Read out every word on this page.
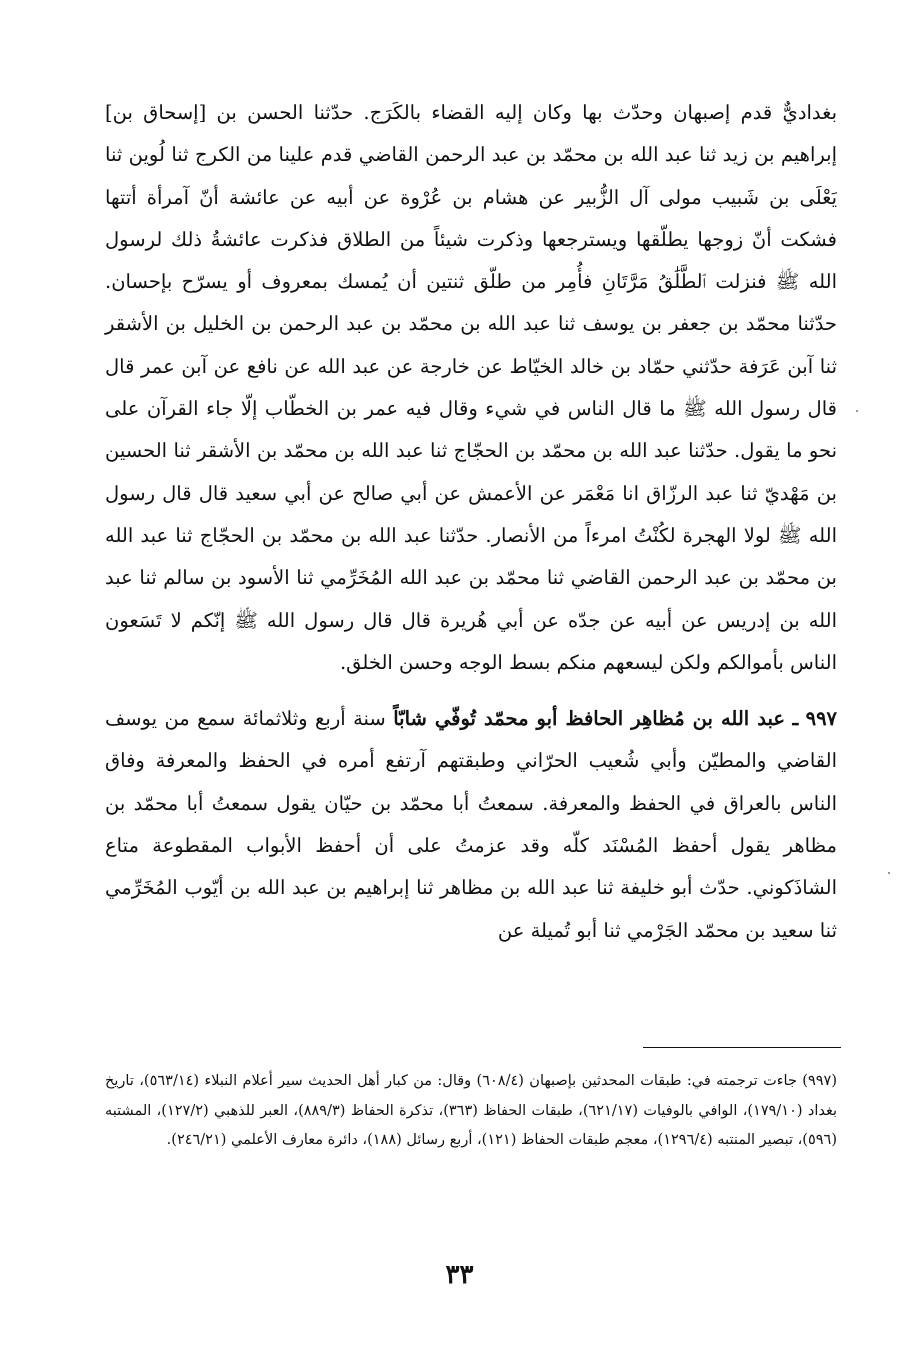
بغداديٌّ قدم إصبهان وحدّث بها وكان إليه القضاء بالكَرَج. حدّثنا الحسن بن [إسحاق بن] إبراهيم بن زيد ثنا عبد الله بن محمّد بن عبد الرحمن القاضي قدم علينا من الكرج ثنا لُوين ثنا يَعْلَى بن شَبيب مولى آل الزُّبير عن هشام بن عُرْوة عن أبيه عن عائشة أنّ آمرأة أتتها فشكت أنّ زوجها يطلّقها ويسترجعها وذكرت شيئاً من الطلاق فذكرت عائشةُ ذلك لرسول الله ﷺ فنزلت ٱلطَّلَٰقُ مَرَّتَانِ فأُمِر من طلّق ثنتين أن يُمسك بمعروف أو يسرّح بإحسان. حدّثنا محمّد بن جعفر بن يوسف ثنا عبد الله بن محمّد بن عبد الرحمن بن الخليل بن الأشقر ثنا آبن عَرَفة حدّثني حمّاد بن خالد الخيّاط عن خارجة عن عبد الله عن نافع عن آبن عمر قال قال رسول الله ﷺ ما قال الناس في شيء وقال فيه عمر بن الخطّاب إلّا جاء القرآن على نحو ما يقول. حدّثنا عبد الله بن محمّد بن الحجّاج ثنا عبد الله بن محمّد بن الأشقر ثنا الحسين بن مَهْديّ ثنا عبد الرزّاق انا مَعْمَر عن الأعمش عن أبي صالح عن أبي سعيد قال قال رسول الله ﷺ لولا الهجرة لكُنْتُ امرءاً من الأنصار. حدّثنا عبد الله بن محمّد بن الحجّاج ثنا عبد الله بن محمّد بن عبد الرحمن القاضي ثنا محمّد بن عبد الله المُخَرِّمي ثنا الأسود بن سالم ثنا عبد الله بن إدريس عن أبيه عن جدّه عن أبي هُريرة قال قال رسول الله ﷺ إنّكم لا تَسَعون الناس بأموالكم ولكن ليسعهم منكم بسط الوجه وحسن الخلق.

٩٩٧ ـ عبد الله بن مُظاهِر الحافظ أبو محمّد تُوفّي شابّاً سنة أربع وثلاثمائة سمع من يوسف القاضي والمطيّن وأبي شُعيب الحرّاني وطبقتهم آرتفع أمره في الحفظ والمعرفة وفاق الناس بالعراق في الحفظ والمعرفة. سمعتُ أبا محمّد بن حيّان يقول سمعتُ أبا محمّد بن مظاهر يقول أحفظ المُسْنَد كلّه وقد عزمتُ على أن أحفظ الأبواب المقطوعة متاع الشاذَكوني. حدّث أبو خليفة ثنا عبد الله بن مظاهر ثنا إبراهيم بن عبد الله بن أيّوب المُخَرِّمي ثنا سعيد بن محمّد الجَرْمي ثنا أبو تُميلة عن

(٩٩٧) جاءت ترجمته في: طبقات المحدثين بإصبهان (٦٠٨/٤) وقال: من كبار أهل الحديث سير أعلام النبلاء (٥٦٣/١٤)، تاريخ بغداد (١٧٩/١٠)، الوافي بالوفيات (٦٢١/١٧)، طبقات الحفاظ (٣٦٣)، تذكرة الحفاظ (٨٨٩/٣)، العبر للذهبي (١٢٧/٢)، المشتبه (٥٩٦)، تبصير المنتبه (١٢٩٦/٤)، معجم طبقات الحفاظ (١٢١)، أربع رسائل (١٨٨)، دائرة معارف الأعلمي (٢٤٦/٢١).
٣٣
